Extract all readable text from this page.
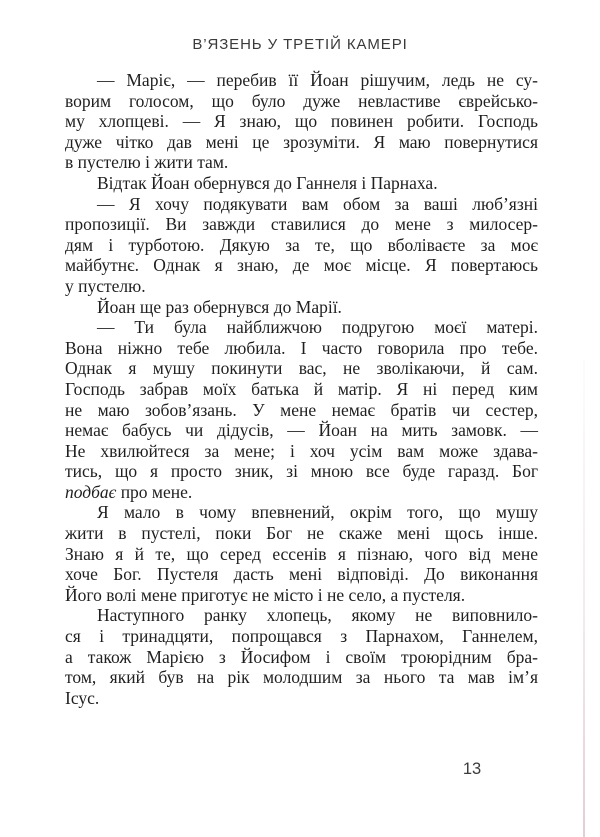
В’ЯЗЕНЬ У ТРЕТІЙ КАМЕРІ
— Маріє, — перебив її Йоан рішучим, ледь не су-
ворим голосом, що було дуже невластиве єврейсько-
му хлопцеві. — Я знаю, що повинен робити. Господь
дуже чітко дав мені це зрозуміти. Я маю повернутися
в пустелю і жити там.
Відтак Йоан обернувся до Ганнеля і Парнаха.
— Я хочу подякувати вам обом за ваші люб’язні
пропозиції. Ви завжди ставилися до мене з милосер-
дям і турботою. Дякую за те, що вболіваєте за моє
майбутнє. Однак я знаю, де моє місце. Я повертаюсь
у пустелю.
Йоан ще раз обернувся до Марії.
— Ти була найближчою подругою моєї матері.
Вона ніжно тебе любила. І часто говорила про тебе.
Однак я мушу покинути вас, не зволікаючи, й сам.
Господь забрав моїх батька й матір. Я ні перед ким
не маю зобов’язань. У мене немає братів чи сестер,
немає бабусь чи дідусів, — Йоан на мить замовк. —
Не хвилюйтеся за мене; і хоч усім вам може здава-
тись, що я просто зник, зі мною все буде гаразд. Бог
подбає про мене.
Я мало в чому впевнений, окрім того, що мушу
жити в пустелі, поки Бог не скаже мені щось інше.
Знаю я й те, що серед ессенів я пізнаю, чого від мене
хоче Бог. Пустеля дасть мені відповіді. До виконання
Його волі мене приготує не місто і не село, а пустеля.
Наступного ранку хлопець, якому не виповнило-
ся і тринадцяти, попрощався з Парнахом, Ганнелем,
а також Марією з Йосифом і своїм троюрідним бра-
том, який був на рік молодшим за нього та мав ім’я
Ісус.
13
